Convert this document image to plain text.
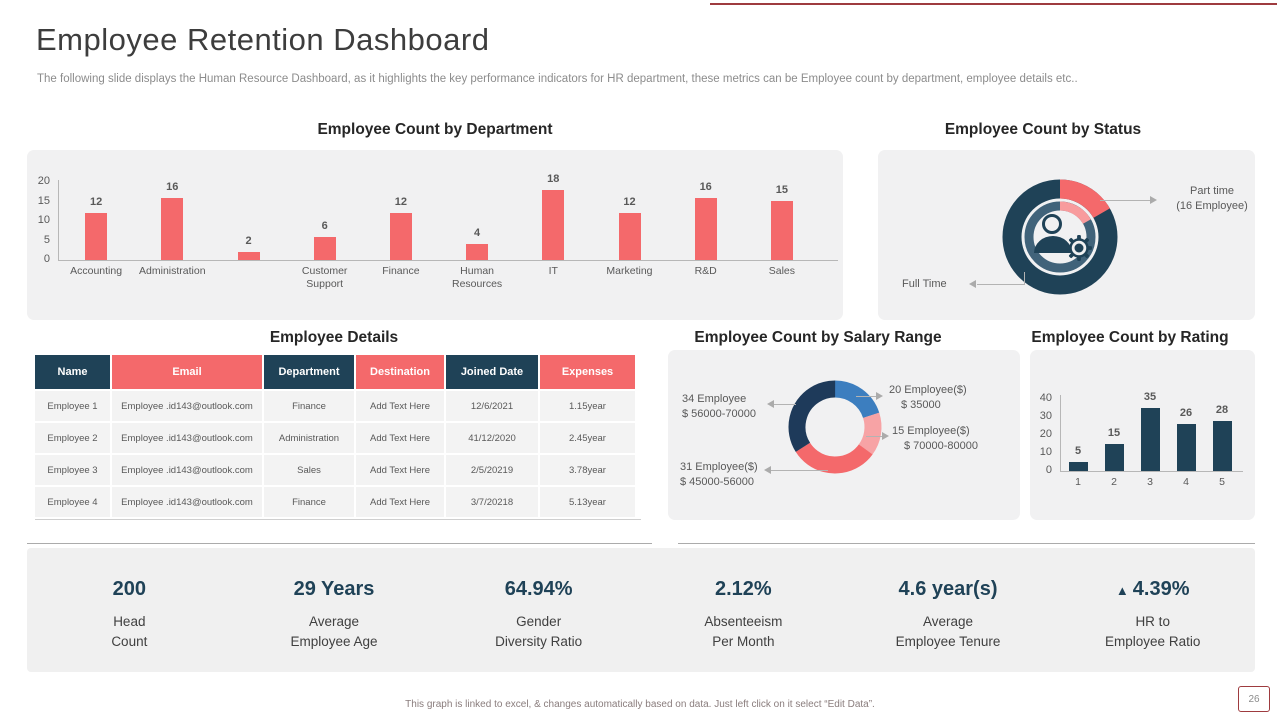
Employee Retention Dashboard
The following slide displays the Human Resource Dashboard, as it highlights the key performance indicators for HR department, these metrics can be Employee count by department, employee details etc..
Employee Count by Department	Employee Count by Status
20
15
10
5
0
12
Accounting
16
Administration
2
6
Customer Support
12
Finance
4
Human Resources
18
IT
12
Marketing
16
R&D
15
Sales
Part time
(16 Employee)
Full Time
Employee Details	Employee Count by Salary Range	Employee Count by Rating
Name	Email	Department	Destination	Joined Date	Expenses
Employee 1	Employee .id143@outlook.com	Finance	Add Text Here	12/6/2021	1.15year
Employee 2	Employee .id143@outlook.com	Administration	Add Text Here	41/12/2020	2.45year
Employee 3	Employee .id143@outlook.com	Sales	Add Text Here	2/5/20219	3.78year
Employee 4	Employee .id143@outlook.com	Finance	Add Text Here	3/7/20218	5.13year
20 Employee($)
$ 35000
15 Employee($)
$ 70000-80000
34 Employee
$ 56000-70000
31 Employee($)
$ 45000-56000
40
30
20
10
0
5
1
15
2
35
3
26
4
28
5
200
Head
Count
29 Years
Average
Employee Age
64.94%
Gender
Diversity Ratio
2.12%
Absenteeism
Per Month
4.6 year(s)
Average
Employee Tenure
▲ 4.39%
HR to
Employee Ratio
This graph is linked to excel, & changes automatically based on data. Just left click on it select “Edit Data”.	26
